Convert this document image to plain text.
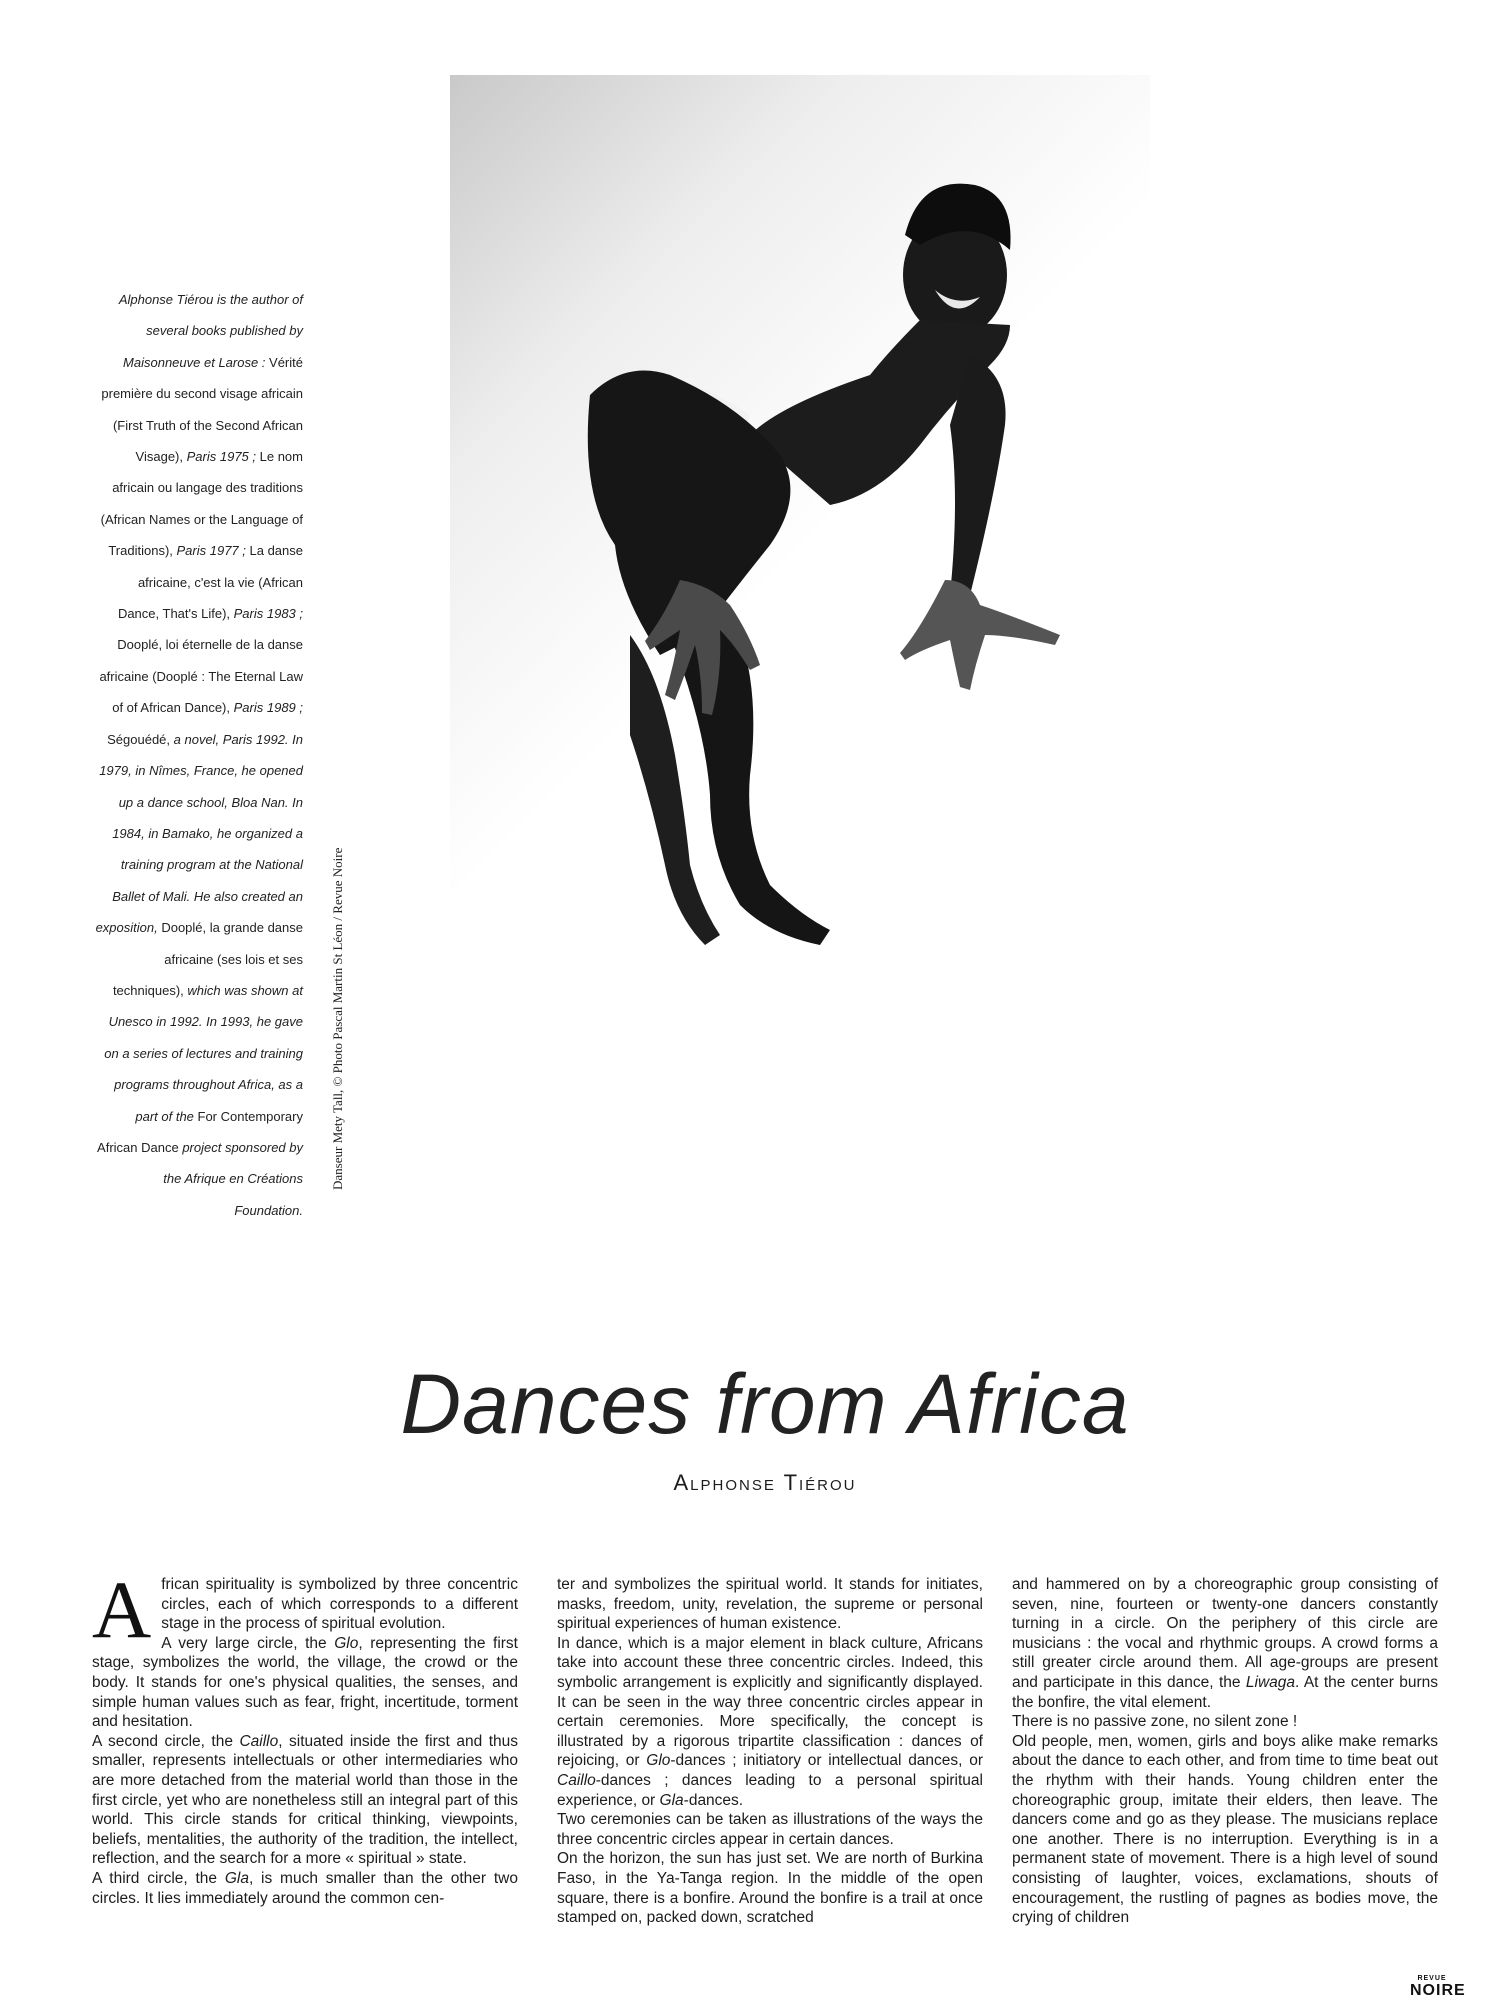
Alphonse Tiérou is the author of several books published by Maisonneuve et Larose : Vérité première du second visage africain (First Truth of the Second African Visage), Paris 1975 ; Le nom africain ou langage des traditions (African Names or the Language of Traditions), Paris 1977 ; La danse africaine, c'est la vie (African Dance, That's Life), Paris 1983 ; Dooplé, loi éternelle de la danse africaine (Dooplé : The Eternal Law of of African Dance), Paris 1989 ; Ségouédé, a novel, Paris 1992. In 1979, in Nîmes, France, he opened up a dance school, Bloa Nan. In 1984, in Bamako, he organized a training program at the National Ballet of Mali. He also created an exposition, Dooplé, la grande danse africaine (ses lois et ses techniques), which was shown at Unesco in 1992. In 1993, he gave on a series of lectures and training programs throughout Africa, as a part of the For Contemporary African Dance project sponsored by the Afrique en Créations Foundation.
Danseur Mety Tall, © Photo Pascal Martin St Léon / Revue Noire
Dances from Africa
Alphonse Tiérou

African spirituality is symbolized by three concentric circles, each of which corresponds to a different stage in the process of spiritual evolution.

A very large circle, the Glo, representing the first stage, symbolizes the world, the village, the crowd or the body. It stands for one's physical qualities, the senses, and simple human values such as fear, fright, incertitude, torment and hesitation.

A second circle, the Caillo, situated inside the first and thus smaller, represents intellectuals or other intermediaries who are more detached from the material world than those in the first circle, yet who are nonetheless still an integral part of this world. This circle stands for critical thinking, viewpoints, beliefs, mentalities, the authority of the tradition, the intellect, reflection, and the search for a more « spiritual » state.

A third circle, the Gla, is much smaller than the other two circles. It lies immediately around the common cen-

ter and symbolizes the spiritual world. It stands for initiates, masks, freedom, unity, revelation, the supreme or personal spiritual experiences of human existence.

In dance, which is a major element in black culture, Africans take into account these three concentric circles. Indeed, this symbolic arrangement is explicitly and significantly displayed. It can be seen in the way three concentric circles appear in certain ceremonies. More specifically, the concept is illustrated by a rigorous tripartite classification : dances of rejoicing, or Glo-dances ; initiatory or intellectual dances, or Caillo-dances ; dances leading to a personal spiritual experience, or Gla-dances.

Two ceremonies can be taken as illustrations of the ways the three concentric circles appear in certain dances.

On the horizon, the sun has just set. We are north of Burkina Faso, in the Ya-Tanga region. In the middle of the open square, there is a bonfire. Around the bonfire is a trail at once stamped on, packed down, scratched

and hammered on by a choreographic group consisting of seven, nine, fourteen or twenty-one dancers constantly turning in a circle. On the periphery of this circle are musicians : the vocal and rhythmic groups. A crowd forms a still greater circle around them. All age-groups are present and participate in this dance, the Liwaga. At the center burns the bonfire, the vital element.

There is no passive zone, no silent zone !

Old people, men, women, girls and boys alike make remarks about the dance to each other, and from time to time beat out the rhythm with their hands. Young children enter the choreographic group, imitate their elders, then leave. The dancers come and go as they please. The musicians replace one another. There is no interruption. Everything is in a permanent state of movement. There is a high level of sound consisting of laughter, voices, exclamations, shouts of encouragement, the rustling of pagnes as bodies move, the crying of children

REVUE
NOIRE
